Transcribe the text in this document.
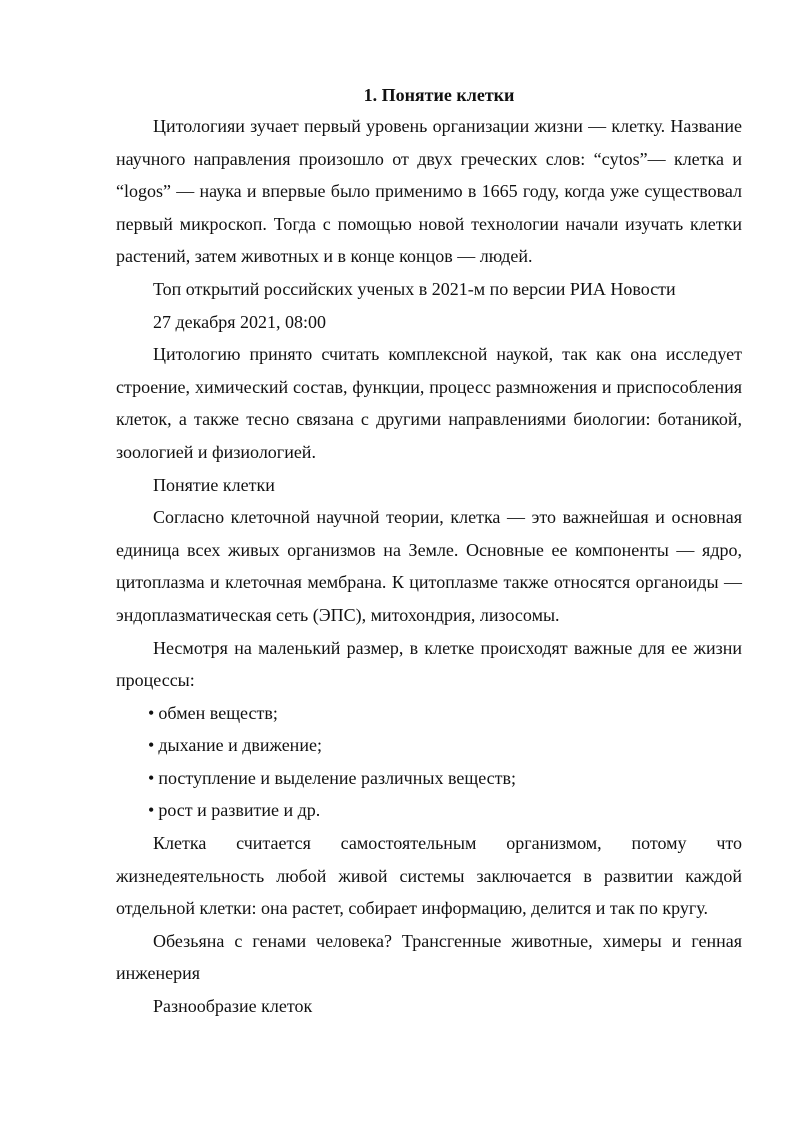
1. Понятие клетки

Цитологияи зучает первый уровень организации жизни — клетку. Название научного направления произошло от двух греческих слов: “cytos”— клетка и “logos” — наука и впервые было применимо в 1665 году, когда уже существовал первый микроскоп. Тогда с помощью новой технологии начали изучать клетки растений, затем животных и в конце концов — людей.

Топ открытий российских ученых в 2021-м по версии РИА Новости

27 декабря 2021, 08:00

Цитологию принято считать комплексной наукой, так как она исследует строение, химический состав, функции, процесс размножения и приспособления клеток, а также тесно связана с другими направлениями биологии: ботаникой, зоологией и физиологией.

Понятие клетки

Согласно клеточной научной теории, клетка — это важнейшая и основная единица всех живых организмов на Земле. Основные ее компоненты — ядро, цитоплазма и клеточная мембрана. К цитоплазме также относятся органоиды — эндоплазматическая сеть (ЭПС), митохондрия, лизосомы.

Несмотря на маленький размер, в клетке происходят важные для ее жизни процессы:

• обмен веществ;

• дыхание и движение;

• поступление и выделение различных веществ;

• рост и развитие и др.

Клетка считается самостоятельным организмом, потому что жизнедеятельность любой живой системы заключается в развитии каждой отдельной клетки: она растет, собирает информацию, делится и так по кругу.

Обезьяна с генами человека? Трансгенные животные, химеры и генная инженерия

Разнообразие клеток
